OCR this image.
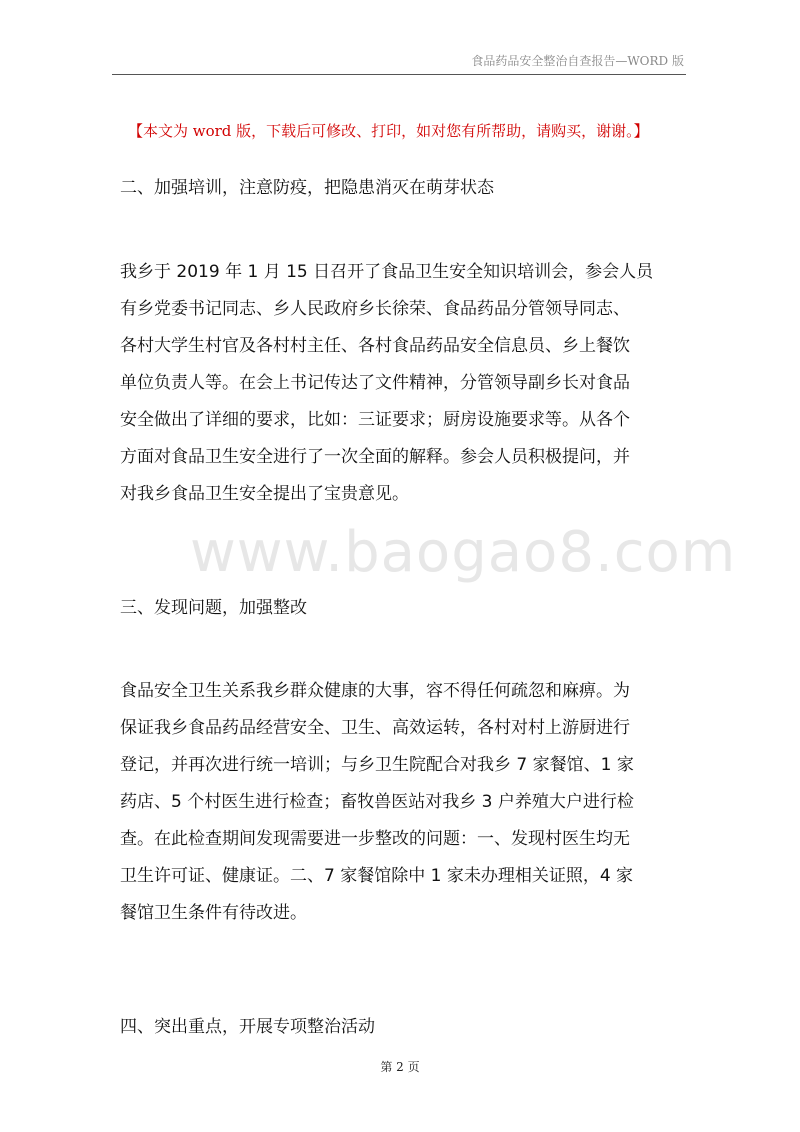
食品药品安全整治自查报告—WORD 版
【本文为 word 版，下载后可修改、打印，如对您有所帮助，请购买，谢谢。】
www.baogao8.com
二、加强培训，注意防疫，把隐患消灭在萌芽状态
我乡于 2019 年 1 月 15 日召开了食品卫生安全知识培训会，参会人员
有乡党委书记同志、乡人民政府乡长徐荣、食品药品分管领导同志、
各村大学生村官及各村村主任、各村食品药品安全信息员、乡上餐饮
单位负责人等。在会上书记传达了文件精神，分管领导副乡长对食品
安全做出了详细的要求，比如：三证要求；厨房设施要求等。从各个
方面对食品卫生安全进行了一次全面的解释。参会人员积极提问，并
对我乡食品卫生安全提出了宝贵意见。
三、发现问题，加强整改
食品安全卫生关系我乡群众健康的大事，容不得任何疏忽和麻痹。为
保证我乡食品药品经营安全、卫生、高效运转，各村对村上游厨进行
登记，并再次进行统一培训；与乡卫生院配合对我乡 7 家餐馆、1 家
药店、5 个村医生进行检查；畜牧兽医站对我乡 3 户养殖大户进行检
查。在此检查期间发现需要进一步整改的问题：一、发现村医生均无
卫生许可证、健康证。二、7 家餐馆除中 1 家未办理相关证照，4 家
餐馆卫生条件有待改进。
四、突出重点，开展专项整治活动
第 2 页
